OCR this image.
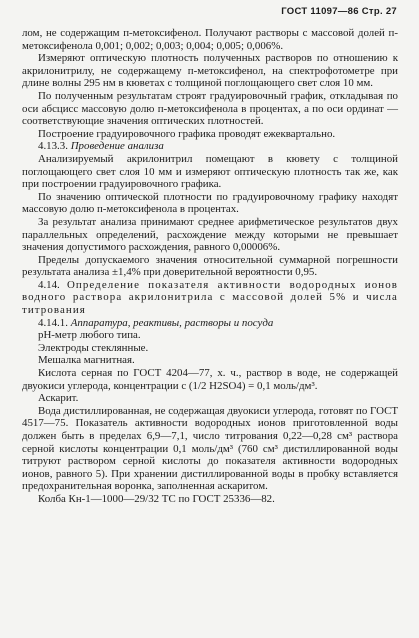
ГОСТ 11097—86 Стр. 27

лом, не содержащим п-метоксифенол. Получают растворы с массовой долей п-метоксифенола 0,001; 0,002; 0,003; 0,004; 0,005; 0,006%.

Измеряют оптическую плотность полученных растворов по отношению к акрилонитрилу, не содержащему п-метоксифенол, на спектрофотометре при длине волны 295 нм в кюветах с толщиной поглощающего свет слоя 10 мм.

По полученным результатам строят градуировочный график, откладывая по оси абсцисс массовую долю п-метоксифенола в процентах, а по оси ординат — соответствующие значения оптических плотностей.

Построение градуировочного графика проводят ежеквартально.

4.13.3. Проведение анализа

Анализируемый акрилонитрил помещают в кювету с толщиной поглощающего свет слоя 10 мм и измеряют оптическую плотность так же, как при построении градуировочного графика.

По значению оптической плотности по градуировочному графику находят массовую долю п-метоксифенола в процентах.

За результат анализа принимают среднее арифметическое результатов двух параллельных определений, расхождение между которыми не превышает значения допустимого расхождения, равного 0,00006%.

Пределы допускаемого значения относительной суммарной погрешности результата анализа ±1,4% при доверительной вероятности 0,95.

4.14. Определение показателя активности водородных ионов водного раствора акрилонитрила с массовой долей 5% и числа титрования

4.14.1. Аппаратура, реактивы, растворы и посуда

рН-метр любого типа.

Электроды стеклянные.

Мешалка магнитная.

Кислота серная по ГОСТ 4204—77, х. ч., раствор в воде, не содержащей двуокиси углерода, концентрации с (1/2 H2SO4) = 0,1 моль/дм³.

Аскарит.

Вода дистиллированная, не содержащая двуокиси углерода, готовят по ГОСТ 4517—75. Показатель активности водородных ионов приготовленной воды должен быть в пределах 6,9—7,1, число титрования 0,22—0,28 см³ раствора серной кислоты концентрации 0,1 моль/дм³ (760 см³ дистиллированной воды титруют раствором серной кислоты до показателя активности водородных ионов, равного 5). При хранении дистиллированной воды в пробку вставляется предохранительная воронка, заполненная аскаритом.

Колба Кн-1—1000—29/32 ТС по ГОСТ 25336—82.
